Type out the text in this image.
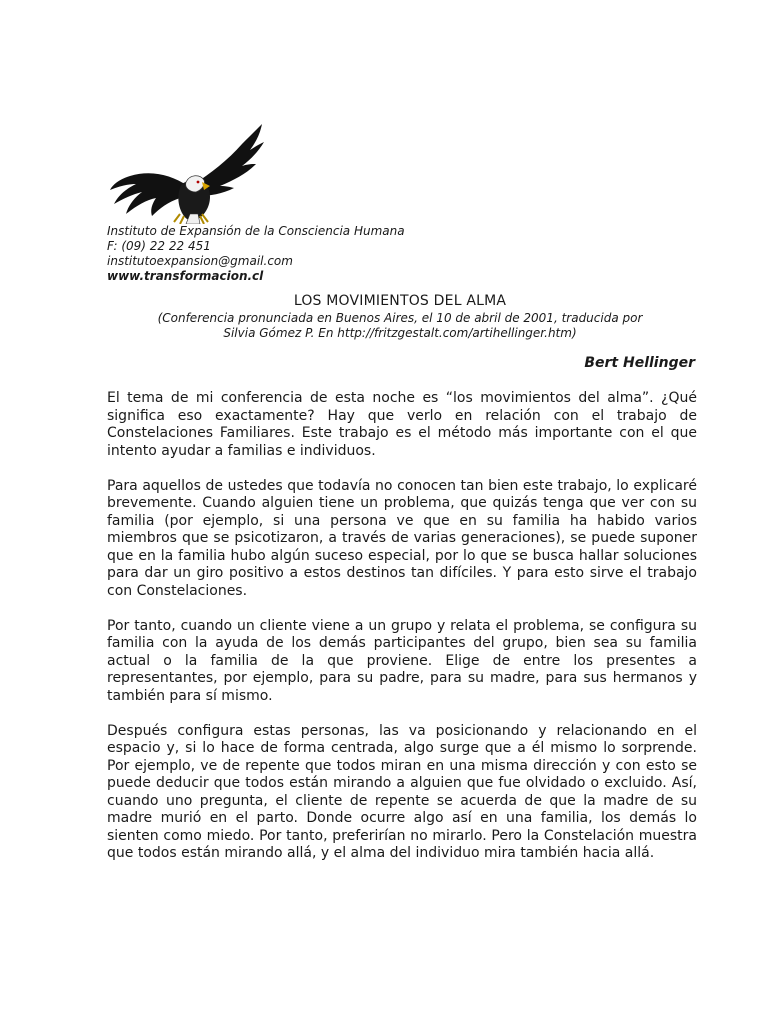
Instituto de Expansión de la Consciencia Humana
F: (09) 22 22 451
institutoexpansion@gmail.com
www.transformacion.cl
LOS MOVIMIENTOS DEL ALMA
(Conferencia pronunciada en Buenos Aires, el 10 de abril de 2001, traducida por
Silvia Gómez P. En http://fritzgestalt.com/artihellinger.htm)
Bert Hellinger

El tema de mi conferencia de esta noche es “los movimientos del alma”. ¿Qué significa eso exactamente? Hay que verlo en relación con el trabajo de Constelaciones Familiares. Este trabajo es el método más importante con el que intento ayudar a familias e individuos.

Para aquellos de ustedes que todavía no conocen tan bien este trabajo, lo explicaré brevemente. Cuando alguien tiene un problema, que quizás tenga que ver con su familia (por ejemplo, si una persona ve que en su familia ha habido varios miembros que se psicotizaron, a través de varias generaciones), se puede suponer que en la familia hubo algún suceso especial, por lo que se busca hallar soluciones para dar un giro positivo a estos destinos tan difíciles. Y para esto sirve el trabajo con Constelaciones.

Por tanto, cuando un cliente viene a un grupo y relata el problema, se configura su familia con la ayuda de los demás participantes del grupo, bien sea su familia actual o la familia de la que proviene. Elige de entre los presentes a representantes, por ejemplo, para su padre, para su madre, para sus hermanos y también para sí mismo.

Después configura estas personas, las va posicionando y relacionando en el espacio y, si lo hace de forma centrada, algo surge que a él mismo lo sorprende. Por ejemplo, ve de repente que todos miran en una misma dirección y con esto se puede deducir que todos están mirando a alguien que fue olvidado o excluido. Así, cuando uno pregunta, el cliente de repente se acuerda de que la madre de su madre murió en el parto. Donde ocurre algo así en una familia, los demás lo sienten como miedo. Por tanto, preferirían no mirarlo. Pero la Constelación muestra que todos están mirando allá, y el alma del individuo mira también hacia allá.
